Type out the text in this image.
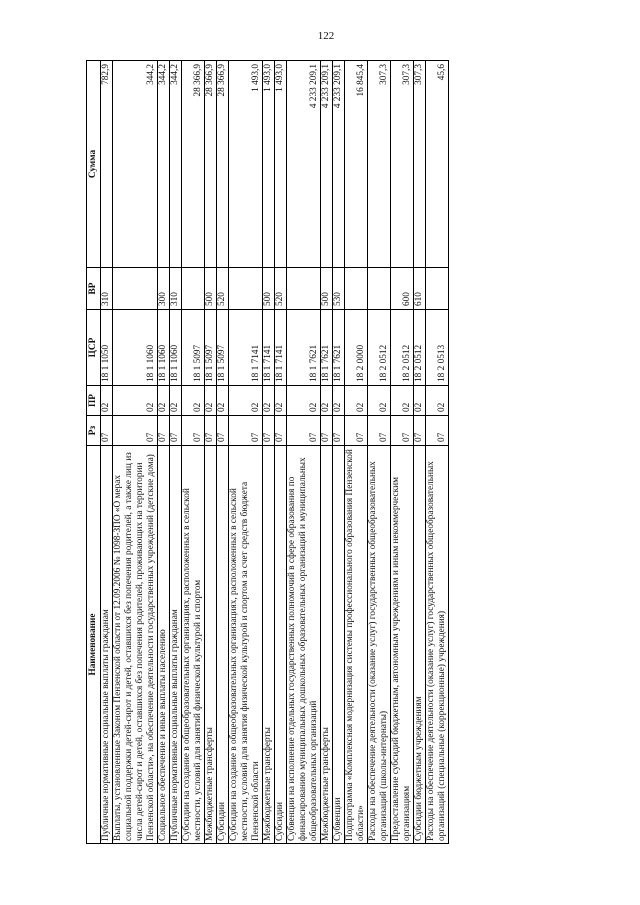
122
Наименование	Рз	ПР	ЦСР	ВР	Сумма
Публичные нормативные социальные выплаты гражданам	07	02	18 1 1050	310	782,9
Выплаты, установленные Законом Пензенской области от 12.09.2006 № 1098-ЗПО «О мерах социальной поддержки детей-сирот и детей, оставшихся без попечения родителей, а также лиц из числа детей-сирот и детей, оставшихся без попечения родителей, проживающих на территории Пензенской области», на обеспечение деятельности государственных учреждений (детские дома)	07	02	18 1 1060		344,2
Социальное обеспечение и иные выплаты населению	07	02	18 1 1060	300	344,2
Публичные нормативные социальные выплаты гражданам	07	02	18 1 1060	310	344,2
Субсидии на создание в общеобразовательных организациях, расположенных в сельской местности, условий для занятий физической культурой и спортом	07	02	18 1 5097		28 366,9
Межбюджетные трансферты	07	02	18 1 5097	500	28 366,9
Субсидии	07	02	18 1 5097	520	28 366,9
Субсидии на создание в общеобразовательных организациях, расположенных в сельской местности, условий для занятия физической культурой и спортом за счет средств бюджета Пензенской области	07	02	18 1 7141		1 493,0
Межбюджетные трансферты	07	02	18 1 7141	500	1 493,0
Субсидии	07	02	18 1 7141	520	1 493,0
Субвенции на исполнение отдельных государственных полномочий в сфере образования по финансированию муниципальных дошкольных образовательных организаций и муниципальных общеобразовательных организаций	07	02	18 1 7621		4 233 209,1
Межбюджетные трансферты	07	02	18 1 7621	500	4 233 209,1
Субвенции	07	02	18 1 7621	530	4 233 209,1
Подпрограмма «Комплексная модернизация системы профессионального образования Пензенской области»	07	02	18 2 0000		16 845,4
Расходы на обеспечение деятельности (оказание услуг) государственных общеобразовательных организаций (школы-интернаты)	07	02	18 2 0512		307,3
Предоставление субсидий бюджетным, автономным учреждениям и иным некоммерческим организациям	07	02	18 2 0512	600	307,3
Субсидии бюджетным учреждениям	07	02	18 2 0512	610	307,3
Расходы на обеспечение деятельности (оказание услуг) государственных общеобразовательных организаций (специальные (коррекционные) учреждения)	07	02	18 2 0513		45,6
